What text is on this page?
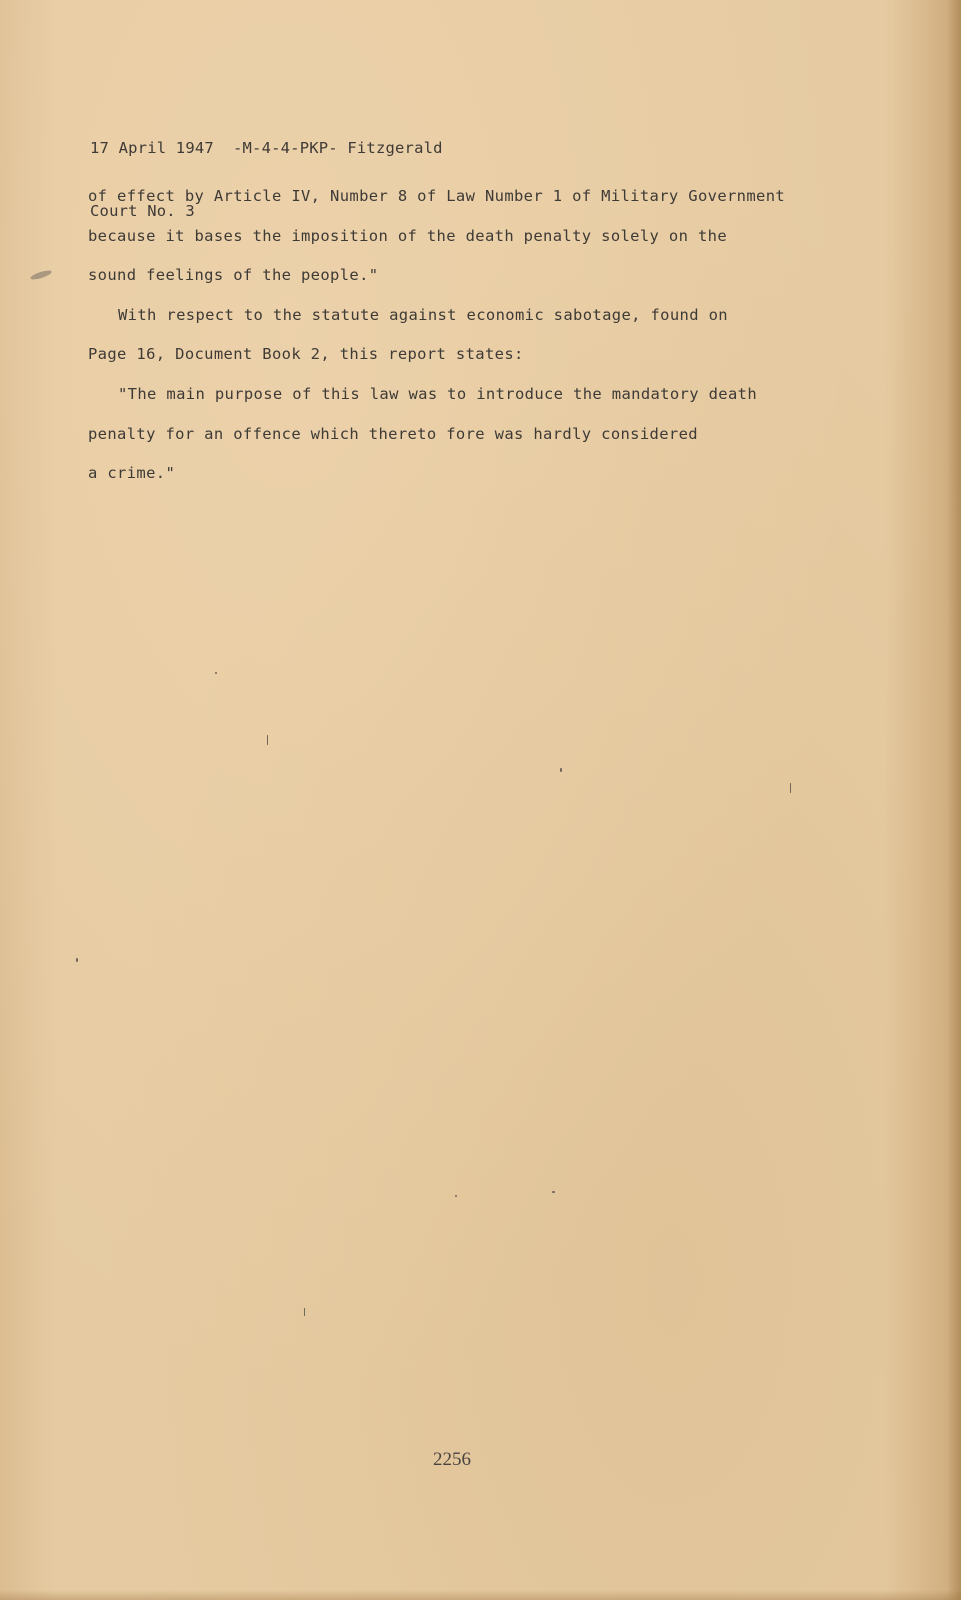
17 April 1947  -M-4-4-PKP- Fitzgerald

Court No. 3

of effect by Article IV, Number 8 of Law Number 1 of Military Government
because it bases the imposition of the death penalty solely on the
sound feelings of the people."
With respect to the statute against economic sabotage, found on
Page 16, Document Book 2, this report states:
"The main purpose of this law was to introduce the mandatory death
penalty for an offence which thereto fore was hardly considered
a crime."
2256
